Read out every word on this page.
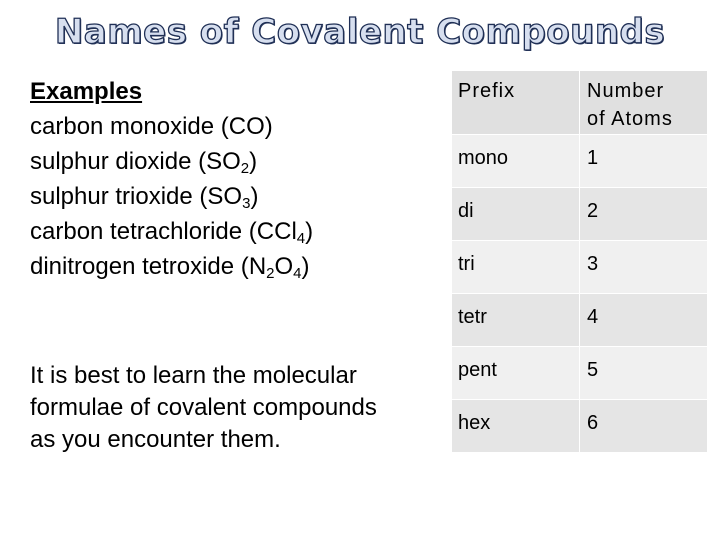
Names of Covalent Compounds
Examples
carbon monoxide (CO)
sulphur dioxide $(SO_2)$
sulphur trioxide $(SO_3)$
carbon tetrachloride (CCl$_4$)
dinitrogen tetroxide $(N_2O_4)$
It is best to learn the molecular
formulae of covalent compounds
as you encounter them.
Prefix	Number
of Atoms
mono	1
di	2
tri	3
tetr	4
pent	5
hex	6
